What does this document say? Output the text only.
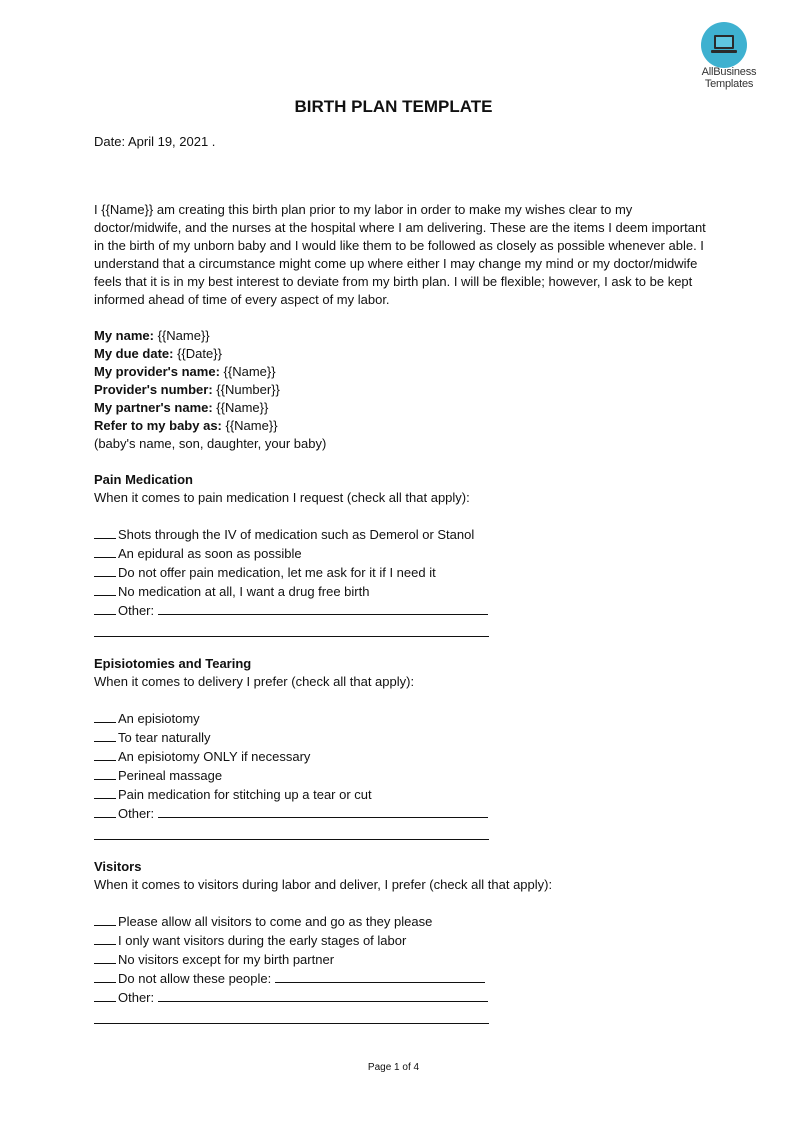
AllBusiness
Templates
BIRTH PLAN TEMPLATE
Date: April 19, 2021 .

I {{Name}} am creating this birth plan prior to my labor in order to make my wishes clear to my doctor/midwife, and the nurses at the hospital where I am delivering. These are the items I deem important in the birth of my unborn baby and I would like them to be followed as closely as possible whenever able. I understand that a circumstance might come up where either I may change my mind or my doctor/midwife feels that it is in my best interest to deviate from my birth plan. I will be flexible; however, I ask to be kept informed ahead of time of every aspect of my labor.

My name: {{Name}}
My due date: {{Date}}
My provider's name: {{Name}}
Provider's number: {{Number}}
My partner's name: {{Name}}
Refer to my baby as: {{Name}}
(baby's name, son, daughter, your baby)
Pain Medication
When it comes to pain medication I request (check all that apply):
Shots through the IV of medication such as Demerol or Stanol
An epidural as soon as possible
Do not offer pain medication, let me ask for it if I need it
No medication at all, I want a drug free birth
Other:
Episiotomies and Tearing
When it comes to delivery I prefer (check all that apply):
An episiotomy
To tear naturally
An episiotomy ONLY if necessary
Perineal massage
Pain medication for stitching up a tear or cut
Other:
Visitors
When it comes to visitors during labor and deliver, I prefer (check all that apply):
Please allow all visitors to come and go as they please
I only want visitors during the early stages of labor
No visitors except for my birth partner
Do not allow these people:
Other:
Page 1 of 4
